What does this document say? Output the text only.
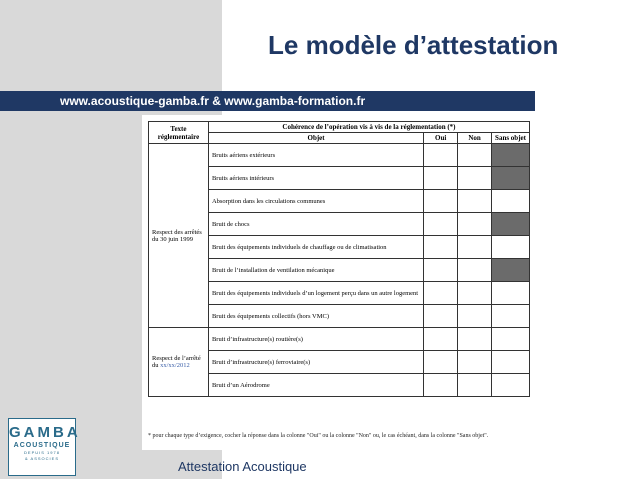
Le modèle d’attestation
www.acoustique-gamba.fr & www.gamba-formation.fr
Texte réglementaire	Cohérence de l’opération vis à vis de la réglementation (*)			
	Objet	Oui	Non	Sans objet
Respect des arrêtés du 30 juin 1999	Bruits aériens extérieurs			
	Bruits aériens intérieurs			
	Absorption dans les circulations communes			
	Bruit de chocs			
	Bruit des équipements individuels de chauffage ou de climatisation			
	Bruit de l’installation de ventilation mécanique			
	Bruit des équipements individuels d’un logement perçu dans un autre logement			
	Bruit des équipements collectifs (hors VMC)			
Respect de l’arrêté du xx/xx/2012	Bruit d’infrastructure(s) routière(s)			
	Bruit d’infrastructure(s) ferroviaire(s)			
	Bruit d’un Aérodrome			
* pour chaque type d’exigence, cocher la réponse dans la colonne "Oui" ou la colonne "Non" ou, le cas échéant, dans la colonne "Sans objet".
GAMBA
ACOUSTIQUE
DEPUIS 1978
& ASSOCIES
Attestation Acoustique
